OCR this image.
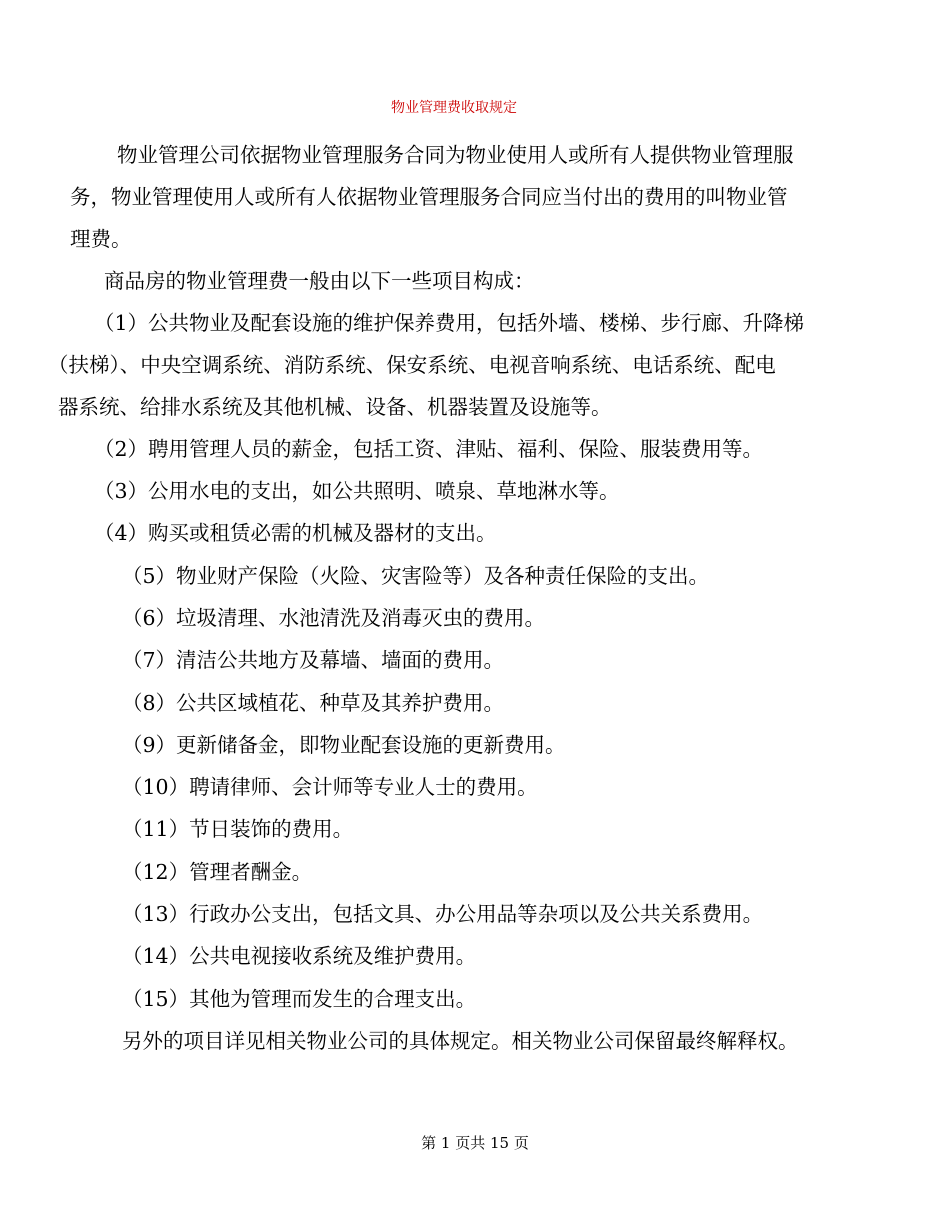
物业管理费收取规定
物业管理公司依据物业管理服务合同为物业使用人或所有人提供物业管理服
务，物业管理使用人或所有人依据物业管理服务合同应当付出的费用的叫物业管
理费。
商品房的物业管理费一般由以下一些项目构成：
（1）公共物业及配套设施的维护保养费用，包括外墙、楼梯、步行廊、升降梯
（扶梯）、中央空调系统、消防系统、保安系统、电视音响系统、电话系统、配电
器系统、给排水系统及其他机械、设备、机器装置及设施等。
（2）聘用管理人员的薪金，包括工资、津贴、福利、保险、服装费用等。
（3）公用水电的支出，如公共照明、喷泉、草地淋水等。
（4）购买或租赁必需的机械及器材的支出。
（5）物业财产保险（火险、灾害险等）及各种责任保险的支出。
（6）垃圾清理、水池清洗及消毒灭虫的费用。
（7）清洁公共地方及幕墙、墙面的费用。
（8）公共区域植花、种草及其养护费用。
（9）更新储备金，即物业配套设施的更新费用。
（10）聘请律师、会计师等专业人士的费用。
（11）节日装饰的费用。
（12）管理者酬金。
（13）行政办公支出，包括文具、办公用品等杂项以及公共关系费用。
（14）公共电视接收系统及维护费用。
（15）其他为管理而发生的合理支出。
另外的项目详见相关物业公司的具体规定。相关物业公司保留最终解释权。
第 1 页共 15 页
